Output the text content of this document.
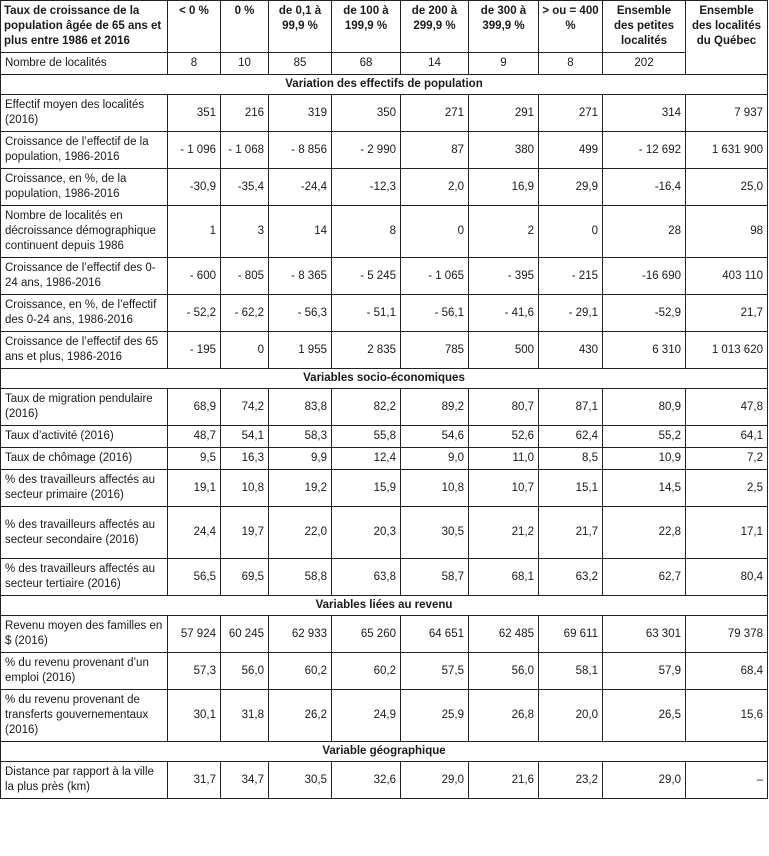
Taux de croissance de la population âgée de 65 ans et plus entre 1986 et 2016	< 0 %	0 %	de 0,1 à 99,9 %	de 100 à 199,9 %	de 200 à 299,9 %	de 300 à 399,9 %	> ou = 400 %	Ensemble des petites localités	Ensemble des localités du Québec
Nombre de localités	8	10	85	68	14	9	8	202	
Variation des effectifs de population									
Effectif moyen des localités (2016)	351	216	319	350	271	291	271	314	7 937
Croissance de l’effectif de la population, 1986-2016	- 1 096	- 1 068	- 8 856	- 2 990	87	380	499	- 12 692	1 631 900
Croissance, en %, de la population, 1986-2016	-30,9	-35,4	-24,4	-12,3	2,0	16,9	29,9	-16,4	25,0
Nombre de localités en décroissance démographique continuent depuis 1986	1	3	14	8	0	2	0	28	98
Croissance de l’effectif des 0-24 ans, 1986-2016	- 600	- 805	- 8 365	- 5 245	- 1 065	- 395	- 215	-16 690	403 110
Croissance, en %, de l’effectif des 0-24 ans, 1986-2016	- 52,2	- 62,2	- 56,3	- 51,1	- 56,1	- 41,6	- 29,1	-52,9	21,7
Croissance de l’effectif des 65 ans et plus, 1986-2016	- 195	0	1 955	2 835	785	500	430	6 310	1 013 620
Variables socio-économiques									
Taux de migration pendulaire (2016)	68,9	74,2	83,8	82,2	89,2	80,7	87,1	80,9	47,8
Taux d’activité (2016)	48,7	54,1	58,3	55,8	54,6	52,6	62,4	55,2	64,1
Taux de chômage (2016)	9,5	16,3	9,9	12,4	9,0	11,0	8,5	10,9	7,2
% des travailleurs affectés au secteur primaire (2016)	19,1	10,8	19,2	15,9	10,8	10,7	15,1	14,5	2,5
% des travailleurs affectés au secteur secondaire (2016)	24,4	19,7	22,0	20,3	30,5	21,2	21,7	22,8	17,1
% des travailleurs affectés au secteur tertiaire (2016)	56,5	69,5	58,8	63,8	58,7	68,1	63,2	62,7	80,4
Variables liées au revenu									
Revenu moyen des familles en $ (2016)	57 924	60 245	62 933	65 260	64 651	62 485	69 611	63 301	79 378
% du revenu provenant d’un emploi (2016)	57,3	56,0	60,2	60,2	57,5	56,0	58,1	57,9	68,4
% du revenu provenant de transferts gouvernementaux (2016)	30,1	31,8	26,2	24,9	25,9	26,8	20,0	26,5	15,6
Variable géographique									
Distance par rapport à la ville la plus près (km)	31,7	34,7	30,5	32,6	29,0	21,6	23,2	29,0	–
